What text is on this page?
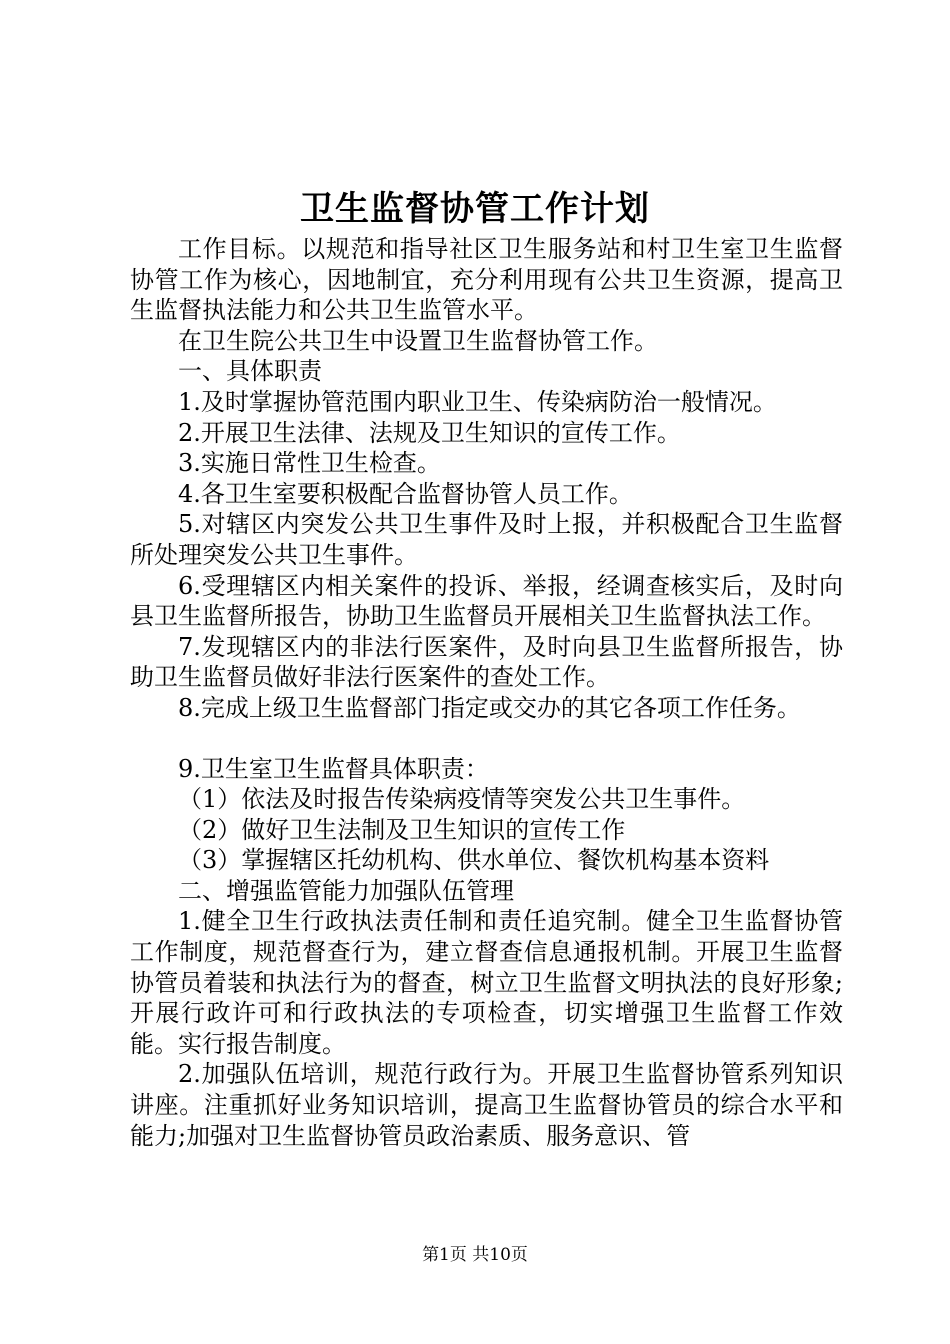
卫生监督协管工作计划

工作目标。以规范和指导社区卫生服务站和村卫生室卫生监督协管工作为核心，因地制宜，充分利用现有公共卫生资源，提高卫生监督执法能力和公共卫生监管水平。

在卫生院公共卫生中设置卫生监督协管工作。

一、具体职责

1.及时掌握协管范围内职业卫生、传染病防治一般情况。

2.开展卫生法律、法规及卫生知识的宣传工作。

3.实施日常性卫生检查。

4.各卫生室要积极配合监督协管人员工作。

5.对辖区内突发公共卫生事件及时上报，并积极配合卫生监督所处理突发公共卫生事件。

6.受理辖区内相关案件的投诉、举报，经调查核实后，及时向县卫生监督所报告，协助卫生监督员开展相关卫生监督执法工作。

7.发现辖区内的非法行医案件，及时向县卫生监督所报告，协助卫生监督员做好非法行医案件的查处工作。

8.完成上级卫生监督部门指定或交办的其它各项工作任务。

9.卫生室卫生监督具体职责：

（1）依法及时报告传染病疫情等突发公共卫生事件。

（2）做好卫生法制及卫生知识的宣传工作

（3）掌握辖区托幼机构、供水单位、餐饮机构基本资料

二、增强监管能力加强队伍管理

1.健全卫生行政执法责任制和责任追究制。健全卫生监督协管工作制度，规范督查行为，建立督查信息通报机制。开展卫生监督协管员着装和执法行为的督查，树立卫生监督文明执法的良好形象;开展行政许可和行政执法的专项检查，切实增强卫生监督工作效能。实行报告制度。

2.加强队伍培训，规范行政行为。开展卫生监督协管系列知识讲座。注重抓好业务知识培训，提高卫生监督协管员的综合水平和能力;加强对卫生监督协管员政治素质、服务意识、管

第1页 共10页
